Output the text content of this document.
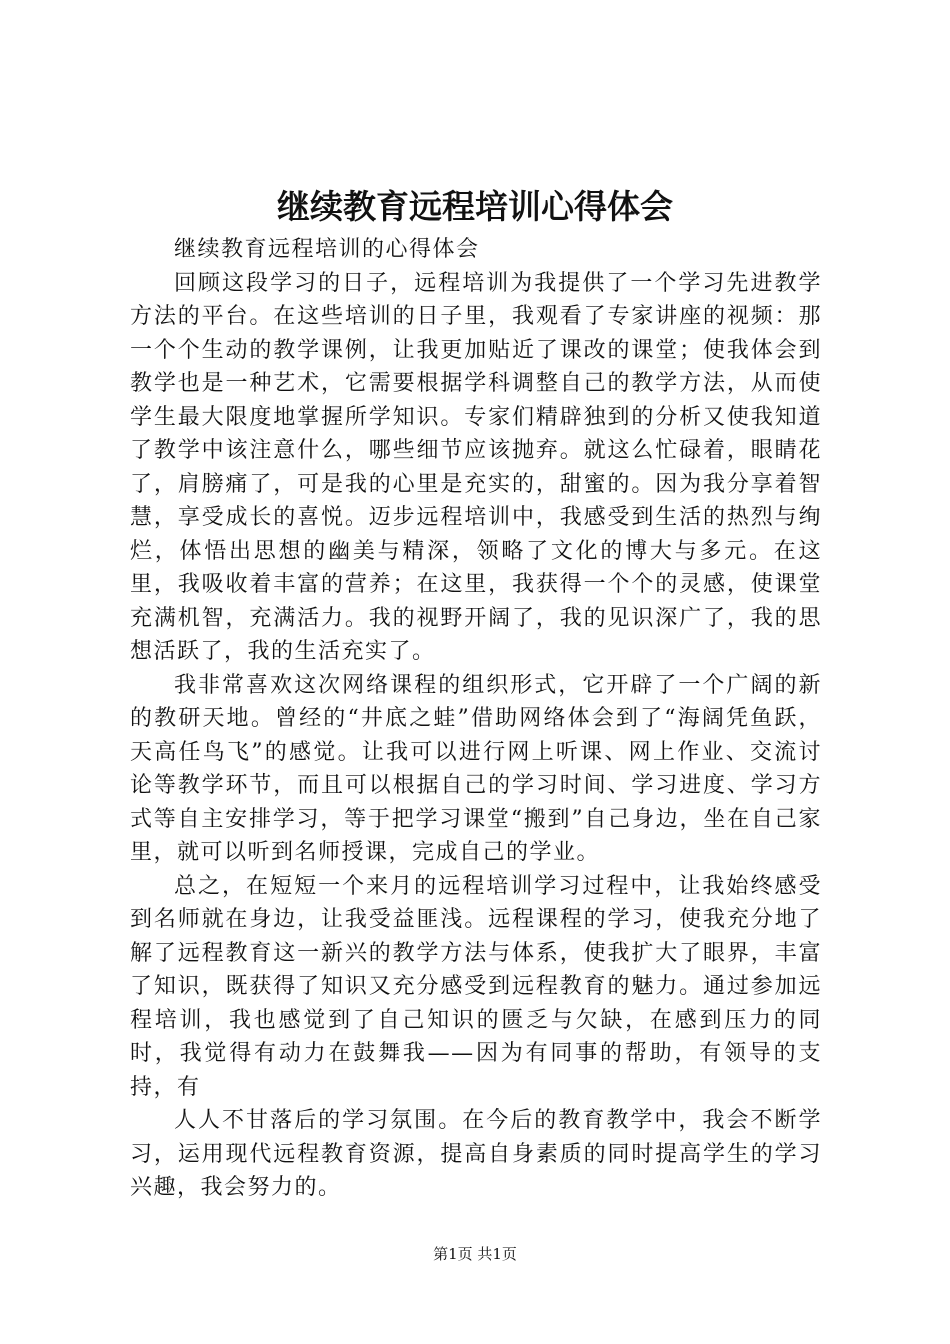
继续教育远程培训心得体会

继续教育远程培训的心得体会

回顾这段学习的日子，远程培训为我提供了一个学习先进教学方法的平台。在这些培训的日子里，我观看了专家讲座的视频：那一个个生动的教学课例，让我更加贴近了课改的课堂；使我体会到教学也是一种艺术，它需要根据学科调整自己的教学方法，从而使学生最大限度地掌握所学知识。专家们精辟独到的分析又使我知道了教学中该注意什么，哪些细节应该抛弃。就这么忙碌着，眼睛花了，肩膀痛了，可是我的心里是充实的，甜蜜的。因为我分享着智慧，享受成长的喜悦。迈步远程培训中，我感受到生活的热烈与绚烂，体悟出思想的幽美与精深，领略了文化的博大与多元。在这里，我吸收着丰富的营养；在这里，我获得一个个的灵感，使课堂充满机智，充满活力。我的视野开阔了，我的见识深广了，我的思想活跃了，我的生活充实了。

我非常喜欢这次网络课程的组织形式，它开辟了一个广阔的新的教研天地。曾经的“井底之蛙”借助网络体会到了“海阔凭鱼跃，天高任鸟飞”的感觉。让我可以进行网上听课、网上作业、交流讨论等教学环节，而且可以根据自己的学习时间、学习进度、学习方式等自主安排学习，等于把学习课堂“搬到”自己身边，坐在自己家里，就可以听到名师授课，完成自己的学业。

总之，在短短一个来月的远程培训学习过程中，让我始终感受到名师就在身边，让我受益匪浅。远程课程的学习，使我充分地了解了远程教育这一新兴的教学方法与体系，使我扩大了眼界，丰富了知识，既获得了知识又充分感受到远程教育的魅力。通过参加远程培训，我也感觉到了自己知识的匮乏与欠缺，在感到压力的同时，我觉得有动力在鼓舞我——因为有同事的帮助，有领导的支持，有

人人不甘落后的学习氛围。在今后的教育教学中，我会不断学习，运用现代远程教育资源，提高自身素质的同时提高学生的学习兴趣，我会努力的。

第1页 共1页
